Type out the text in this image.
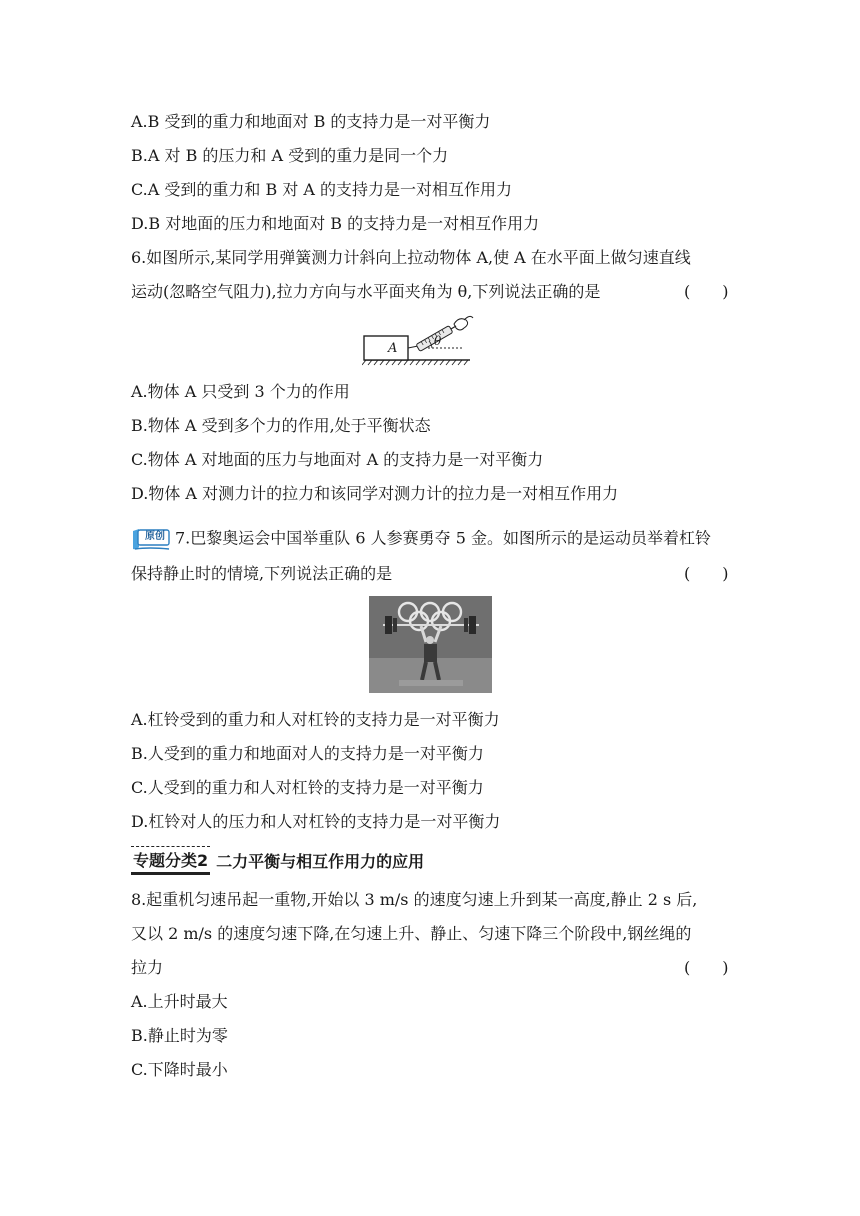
A.B 受到的重力和地面对 B 的支持力是一对平衡力
B.A 对 B 的压力和 A 受到的重力是同一个力
C.A 受到的重力和 B 对 A 的支持力是一对相互作用力
D.B 对地面的压力和地面对 B 的支持力是一对相互作用力
6.如图所示,某同学用弹簧测力计斜向上拉动物体 A,使 A 在水平面上做匀速直线
运动(忽略空气阻力),拉力方向与水平面夹角为 θ,下列说法正确的是	(　　)
A	θ
A.物体 A 只受到 3 个力的作用
B.物体 A 受到多个力的作用,处于平衡状态
C.物体 A 对地面的压力与地面对 A 的支持力是一对平衡力
D.物体 A 对测力计的拉力和该同学对测力计的拉力是一对相互作用力
原创 7.巴黎奥运会中国举重队 6 人参赛勇夺 5 金。如图所示的是运动员举着杠铃
保持静止时的情境,下列说法正确的是	(　　)
A.杠铃受到的重力和人对杠铃的支持力是一对平衡力
B.人受到的重力和地面对人的支持力是一对平衡力
C.人受到的重力和人对杠铃的支持力是一对平衡力
D.杠铃对人的压力和人对杠铃的支持力是一对平衡力
专题分类2 二力平衡与相互作用力的应用
8.起重机匀速吊起一重物,开始以 3 m/s 的速度匀速上升到某一高度,静止 2 s 后,
又以 2 m/s 的速度匀速下降,在匀速上升、静止、匀速下降三个阶段中,钢丝绳的
拉力	(　　)
A.上升时最大
B.静止时为零
C.下降时最小
